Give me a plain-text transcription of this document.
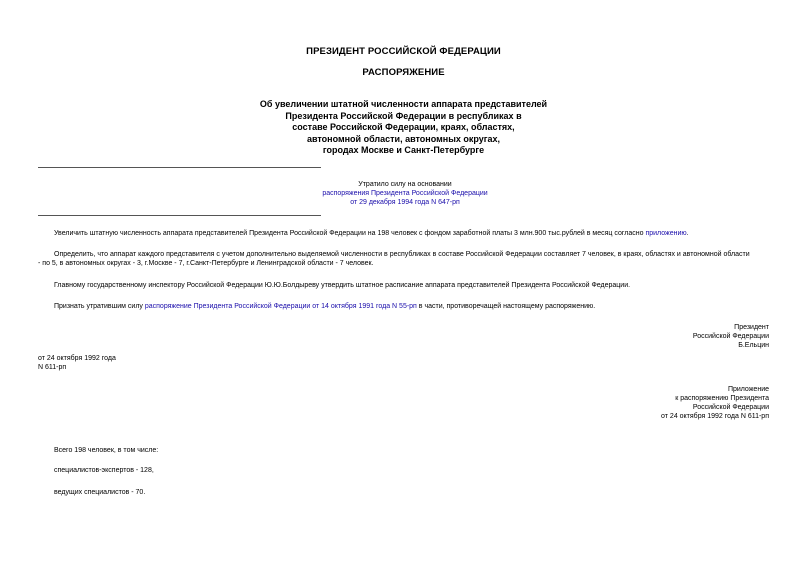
ПРЕЗИДЕНТ РОССИЙСКОЙ ФЕДЕРАЦИИ
РАСПОРЯЖЕНИЕ
Об увеличении штатной численности аппарата представителей
Президента Российской Федерации в республиках в
составе Российской Федерации, краях, областях,
автономной области, автономных округах,
городах Москве и Санкт-Петербурге
Утратило силу на основании
распоряжения Президента Российской Федерации
от 29 декабря 1994 года N 647-рп
Увеличить штатную численность аппарата представителей Президента Российской Федерации на 198 человек с фондом заработной платы 3 млн.900 тыс.рублей в месяц согласно приложению.
Определить, что аппарат каждого представителя с учетом дополнительно выделяемой численности в республиках в составе Российской Федерации составляет 7 человек, в краях, областях и автономной области
- по 5, в автономных округах - 3, г.Москве - 7, г.Санкт-Петербурге и Ленинградской области - 7 человек.
Главному государственному инспектору Российской Федерации Ю.Ю.Болдыреву утвердить штатное расписание аппарата представителей Президента Российской Федерации.
Признать утратившим силу распоряжение Президента Российской Федерации от 14 октября 1991 года N 55-рп в части, противоречащей настоящему распоряжению.
Президент
Российской Федерации
Б.Ельцин
от 24 октября 1992 года
N 611-рп
Приложение
к распоряжению Президента
Российской Федерации
от 24 октября 1992 года N 611-рп
Всего 198 человек, в том числе:
специалистов-экспертов - 128,
ведущих специалистов - 70.
